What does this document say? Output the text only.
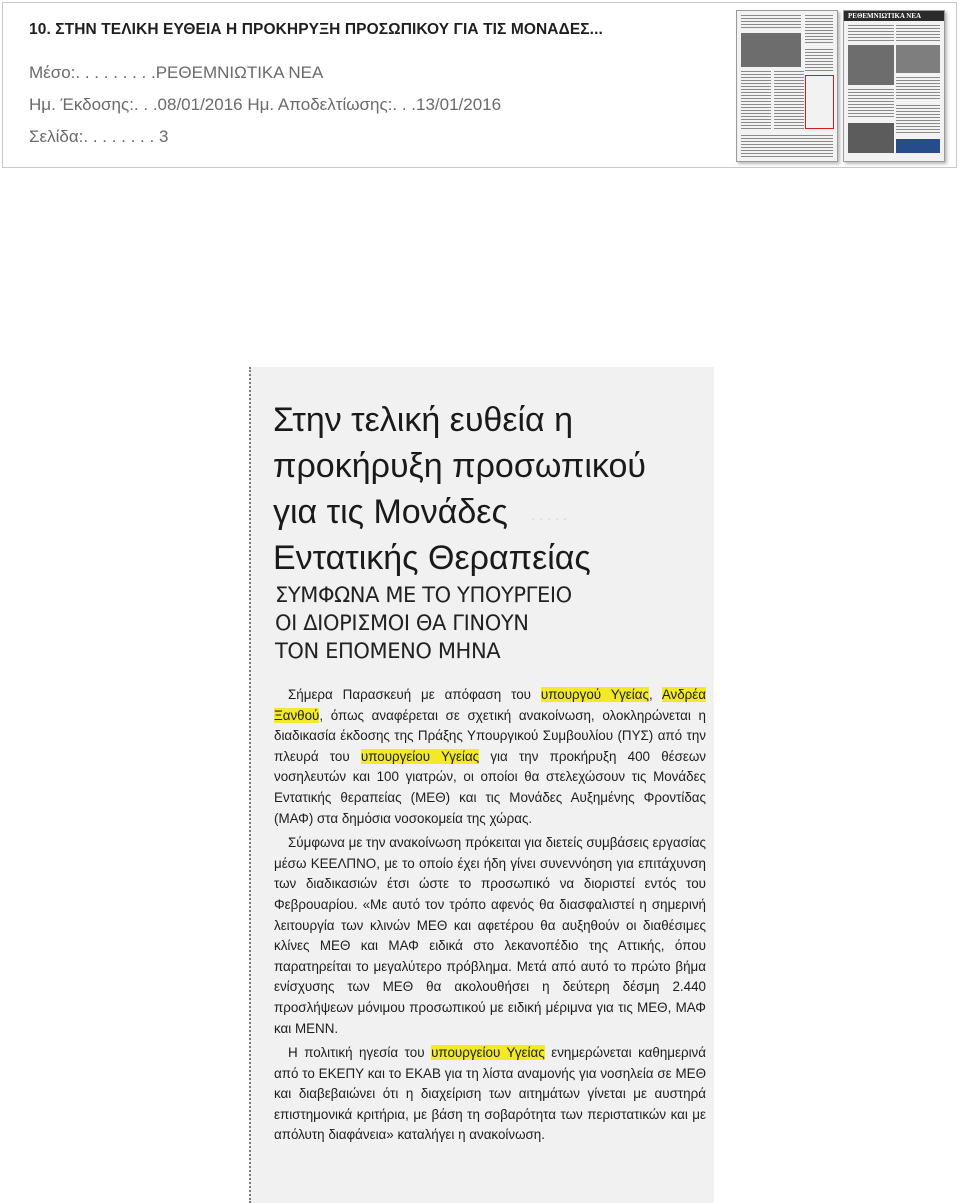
10. ΣΤΗΝ ΤΕΛΙΚΗ ΕΥΘΕΙΑ Η ΠΡΟΚΗΡΥΞΗ ΠΡΟΣΩΠΙΚΟΥ ΓΙΑ ΤΙΣ ΜΟΝΑΔΕΣ...
Μέσο:. . . . . . . . .ΡΕΘΕΜΝΙΩΤΙΚΑ ΝΕΑ
Ημ. Έκδοσης:. . .08/01/2016 Ημ. Αποδελτίωσης:. . .13/01/2016
Σελίδα:. . . . . . . . 3
ΡΕΘΕΜΝΙΩΤΙΚΑ ΝΕΑ
· · · · ·
Στην τελική ευθεία η
προκήρυξη προσωπικού
για τις Μονάδες
Εντατικής Θεραπείας
ΣΥΜΦΩΝΑ ΜΕ ΤΟ ΥΠΟΥΡΓΕΙΟ
ΟΙ ΔΙΟΡΙΣΜΟΙ ΘΑ ΓΙΝΟΥΝ
ΤΟΝ ΕΠΟΜΕΝΟ ΜΗΝΑ

Σήμερα Παρασκευή με απόφαση του υπουργού Υγείας, Ανδρέα Ξανθού, όπως αναφέρεται σε σχετική ανακοίνωση, ολοκληρώνεται η διαδικασία έκδοσης της Πράξης Υπουργικού Συμβουλίου (ΠΥΣ) από την πλευρά του υπουργείου Υγείας για την προκήρυξη 400 θέσεων νοσηλευτών και 100 γιατρών, οι οποίοι θα στελεχώσουν τις Μονάδες Εντατικής θεραπείας (ΜΕΘ) και τις Μονάδες Αυξημένης Φροντίδας (ΜΑΦ) στα δημόσια νοσοκομεία της χώρας.

Σύμφωνα με την ανακοίνωση πρόκειται για διετείς συμβάσεις εργασίας μέσω ΚΕΕΛΠΝΟ, με το οποίο έχει ήδη γίνει συνεννόηση για επιτάχυνση των διαδικασιών έτσι ώστε το προσωπικό να διοριστεί εντός του Φεβρουαρίου. «Με αυτό τον τρόπο αφενός θα διασφαλιστεί η σημερινή λειτουργία των κλινών ΜΕΘ και αφετέρου θα αυξηθούν οι διαθέσιμες κλίνες ΜΕΘ και ΜΑΦ ειδικά στο λεκανοπέδιο της Αττικής, όπου παρατηρείται το μεγαλύτερο πρόβλημα. Μετά από αυτό το πρώτο βήμα ενίσχυσης των ΜΕΘ θα ακολουθήσει η δεύτερη δέσμη 2.440 προσλήψεων μόνιμου προσωπικού με ειδική μέριμνα για τις ΜΕΘ, ΜΑΦ και ΜΕΝΝ.

Η πολιτική ηγεσία του υπουργείου Υγείας ενημερώνεται καθημερινά από το ΕΚΕΠΥ και το ΕΚΑΒ για τη λίστα αναμονής για νοσηλεία σε ΜΕΘ και διαβεβαιώνει ότι η διαχείριση των αιτημάτων γίνεται με αυστηρά επιστημονικά κριτήρια, με βάση τη σοβαρότητα των περιστατικών και με απόλυτη διαφάνεια» καταλήγει η ανακοίνωση.
